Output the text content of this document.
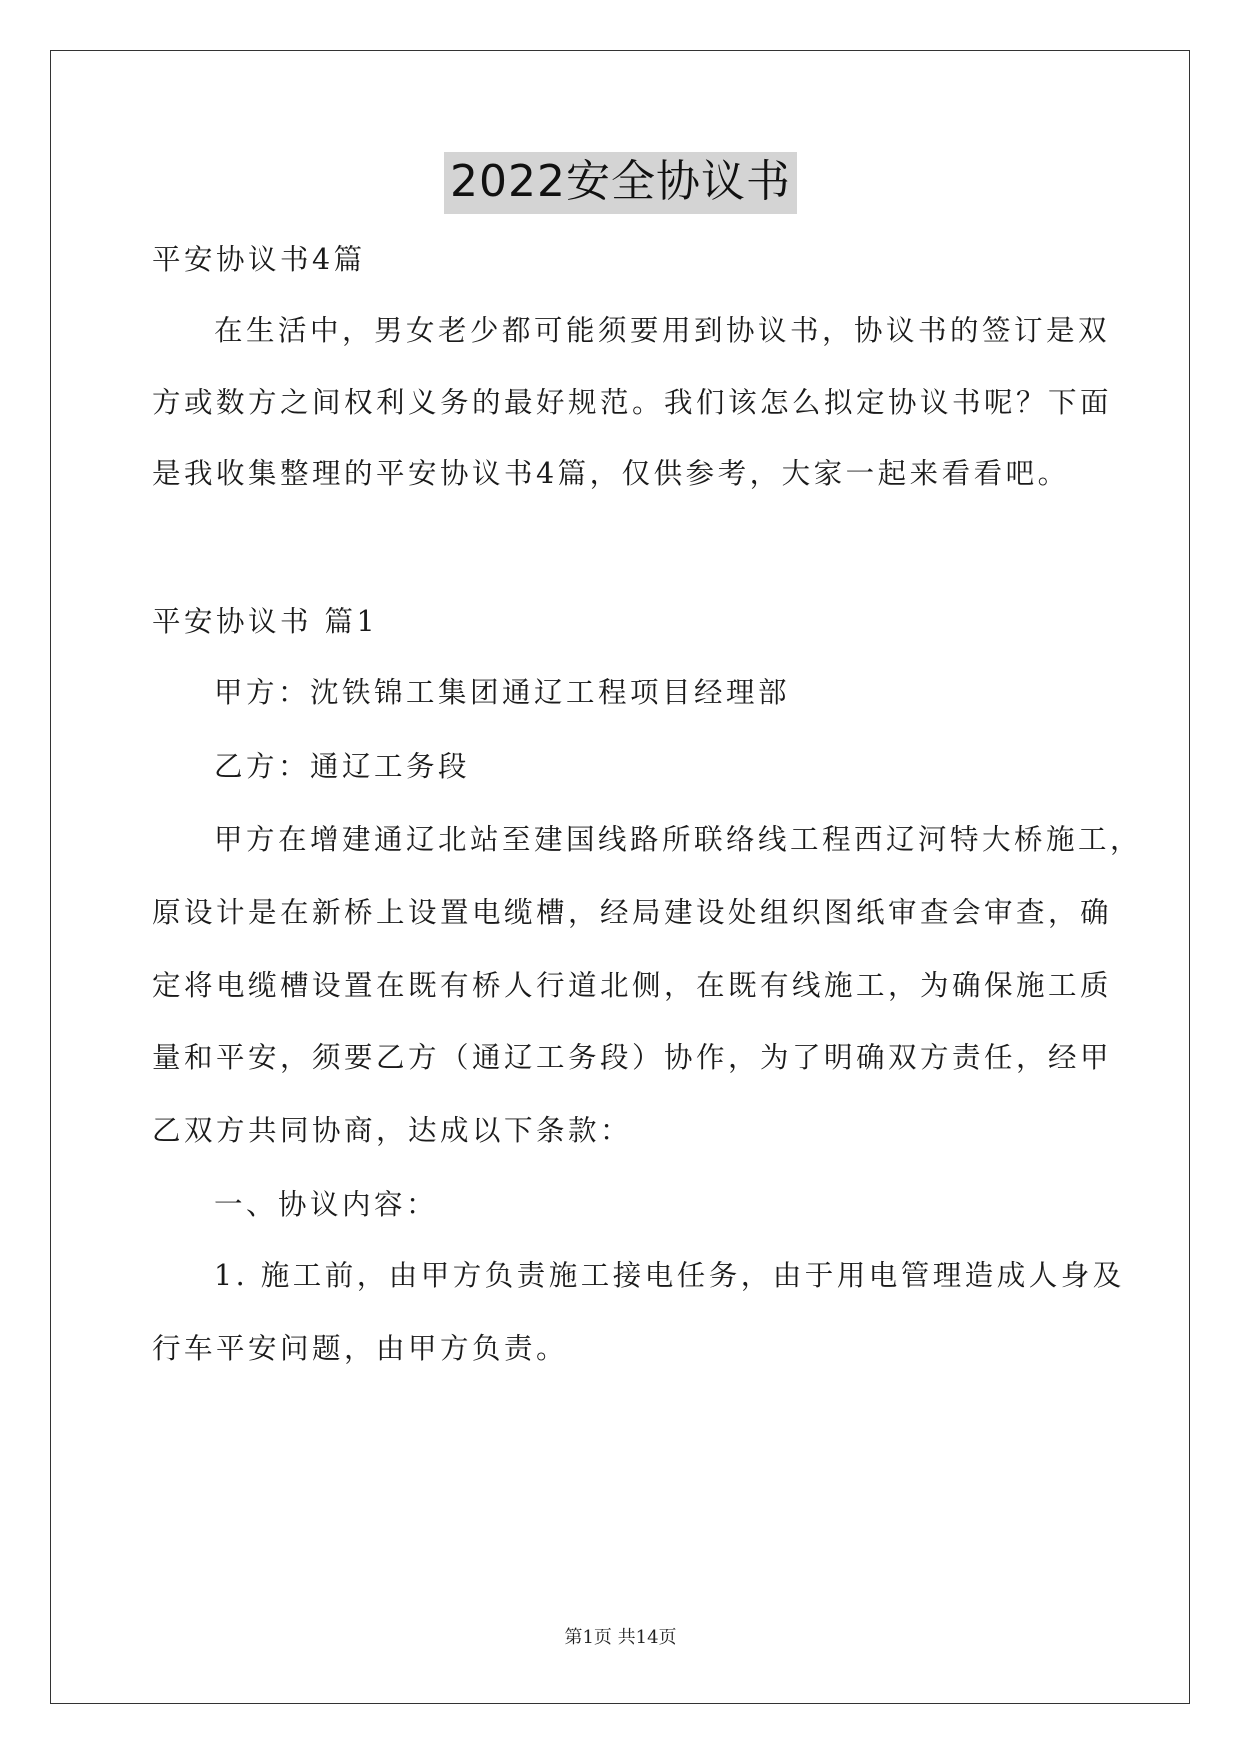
2022安全协议书
平安协议书4篇
在生活中，男女老少都可能须要用到协议书，协议书的签订是双
方或数方之间权利义务的最好规范。我们该怎么拟定协议书呢？下面
是我收集整理的平安协议书4篇，仅供参考，大家一起来看看吧。
平安协议书 篇1
甲方：沈铁锦工集团通辽工程项目经理部
乙方：通辽工务段
甲方在增建通辽北站至建国线路所联络线工程西辽河特大桥施工，
原设计是在新桥上设置电缆槽，经局建设处组织图纸审查会审查，确
定将电缆槽设置在既有桥人行道北侧，在既有线施工，为确保施工质
量和平安，须要乙方（通辽工务段）协作，为了明确双方责任，经甲
乙双方共同协商，达成以下条款：
一、协议内容：
1. 施工前，由甲方负责施工接电任务，由于用电管理造成人身及
行车平安问题，由甲方负责。
第1页 共14页
